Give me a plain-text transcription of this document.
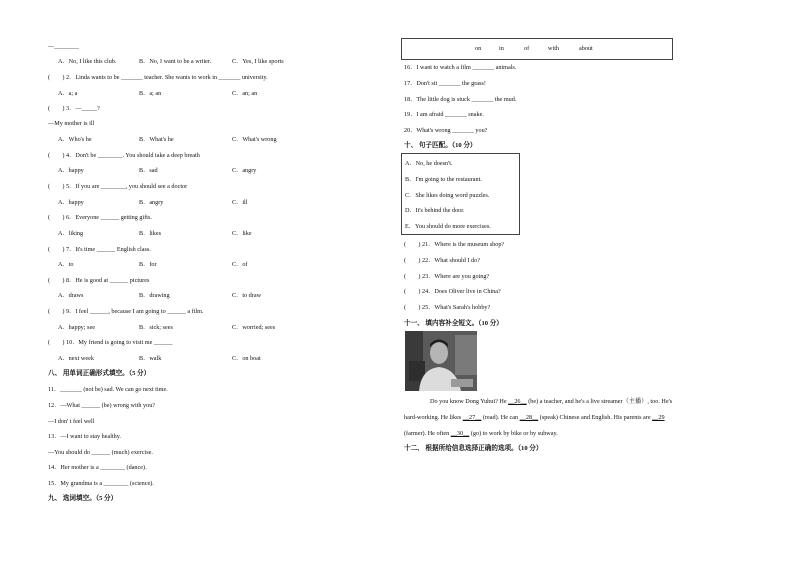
—________
A．No, I like this club.	B．No, I want to be a writer.	C．Yes, I like sports
(　　) 2．Linda wants to be _______ teacher. She wants to work in _______ university.
A．a; a	B．a; an	C．an; an
(　　) 3．—_____?
—My mother is ill
A．Who's he	B．What's he	C．What's wrong
(　　) 4．Don't be ________. You should take a deep breath
A．happy	B．sad	C．angry
(　　) 5．If you are ________, you should see a doctor
A．happy	B．angry	C．ill
(　　) 6．Everyone ______ getting gifts.
A．liking	B．likes	C．like
(　　) 7．It's time ______ English class.
A．to	B．for	C．of
(　　) 8．He is good at ______ pictures
A．draws	B．drawing	C．to draw
(　　) 9．I feel ______, because I am going to ______ a film.
A．happy; see	B．sick; sees	C．worried; sees
(　　) 10．My friend is going to visit me ______
A．next week	B．walk	C．on boat
八、 用单词正确形式填空。（5 分）
11．_______ (not be) sad. We can go next time.
12．—What ______ (be) wrong with you?
—I don' t feel well
13．—I want to stay healthy.
—You should do ______ (much) exercise.
14．Her mother is a ________ (dance).
15．My grandma is a ________ (science).
九、 选词填空。（5 分）
on	in	of	with	about
16．I want to watch a film _______ animals.
17．Don't sit _______ the grass!
18．The little dog is stuck _______ the mud.
19．I am afraid _______ snake.
20．What's wrong _______ you?
十、 句子匹配。（10 分）
A．No, he doesn't.
B．I'm going to the restaurant.
C．She likes doing word puzzles.
D．It's behind the door.
E．You should do more exercises.
(　　) 21．Where is the museum shop?
(　　) 22．What should I do?
(　　) 23．Where are you going?
(　　) 24．Does Oliver live in China?
(　　) 25．What's Sarah's hobby?
十一、 填内容补全短文。（10 分）
Do you know Dong Yuhui? He __26__ (be) a teacher, and he's a live streamer（主播）, too. He's
hard-working. He likes __27__ (read). He can __28__ (speak) Chinese and English. His parents are __29
(farmer). He often __30__ (go) to work by bike or by subway.
十二、 根据所给信息选择正确的选项。（10 分）
